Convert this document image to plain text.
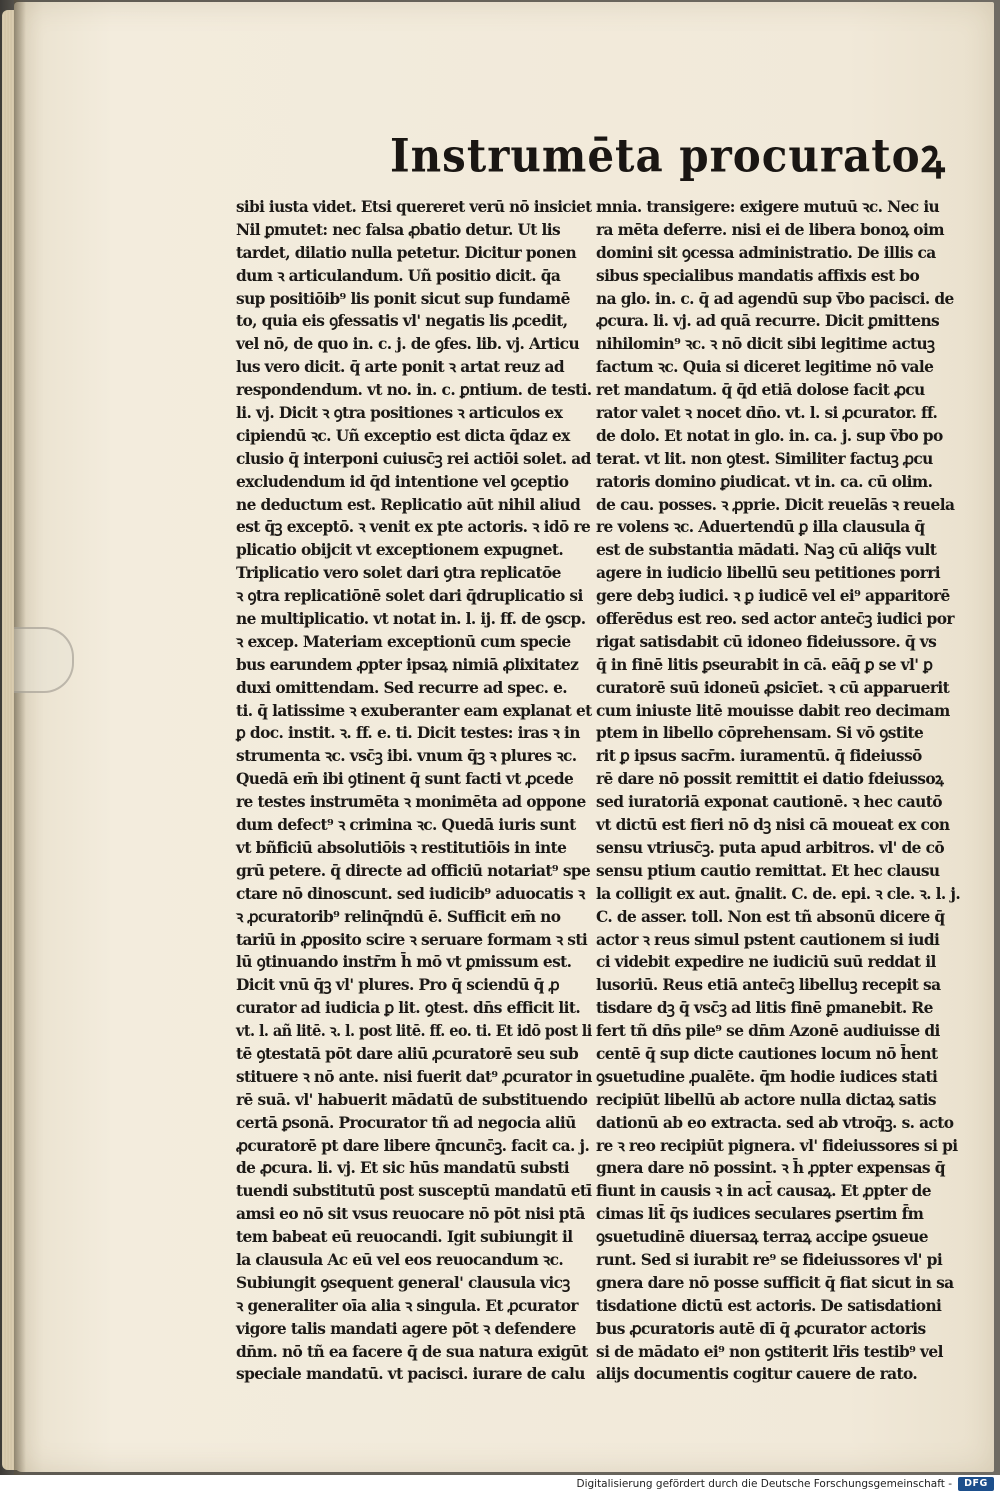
Instrumēta procuratoꝝ
sibi iusta videt. Etsi quereret verū nō insiciet
Nil ꝑmutet: nec falsa ꝓbatio detur. Ut lis
tardet, dilatio nulla petetur. Dicitur ponen
dum ꝛ articulandum. Uñ positio dicit. q̄a
sup positiōib⁹ lis ponit sicut sup fundamē
to, quia eis ꝯfessatis vl' negatis lis ꝓcedit,
vel nō, de quo in. c. j. de ꝯfes. lib. vj. Articu
lus vero dicit. q̄ arte ponit ꝛ artat reuz ad
respondendum. vt no. in. c. ꝑntium. de testi.
li. vj. Dicit ꝛ ꝯtra positiones ꝛ articulos ex
cipiendū ꝛc. Uñ exceptio est dicta q̄daz ex
clusio q̄ interponi cuiusc̄ꝫ rei actiōi solet. ad
excludendum id q̄d intentione vel ꝯceptio
ne deductum est. Replicatio aūt nihil aliud
est q̄ꝫ exceptō. ꝛ venit ex pte actoris. ꝛ idō re
plicatio obijcit vt exceptionem expugnet.
Triplicatio vero solet dari ꝯtra replicatōe
ꝛ ꝯtra replicatiōnē solet dari q̄druplicatio si
ne multiplicatio. vt notat in. l. ij. ff. de ꝯscp.
ꝛ excep. Materiam exceptionū cum specie
bus earundem ꝓpter ipsaꝝ nimiā ꝓlixitatez
duxi omittendam. Sed recurre ad spec. e.
ti. q̄ latissime ꝛ exuberanter eam explanat et
ꝑ doc. instit. ꝛ. ff. e. ti. Dicit testes: iras ꝛ in
strumenta ꝛc. vsc̄ꝫ ibi. vnum q̄ꝫ ꝛ plures ꝛc.
Quedā em̄ ibi ꝯtinent q̄ sunt facti vt ꝓcede
re testes instrumēta ꝛ monimēta ad oppone
dum defect⁹ ꝛ crimina ꝛc. Quedā iuris sunt
vt bñficiū absolutiōis ꝛ restitutiōis in inte
grū petere. q̄ directe ad officiū notariat⁹ spe
ctare nō dinoscunt. sed iudicib⁹ aduocatis ꝛ
ꝛ ꝓcuratorib⁹ relinq̄ndū ē. Sufficit em̄ no
tariū in ꝓposito scire ꝛ seruare formam ꝛ sti
lū ꝯtinuando instr̄m h̄ mō vt ꝑmissum est.
Dicit vnū q̄ꝫ vl' plures. Pro q̄ sciendū q̄ ꝓ
curator ad iudicia ꝑ lit. ꝯtest. dn̄s efficit lit.
vt. l. añ litē. ꝛ. l. post litē. ff. eo. ti. Et idō post li
tē ꝯtestatā pōt dare aliū ꝓcuratorē seu sub
stituere ꝛ nō ante. nisi fuerit dat⁹ ꝓcurator in
rē suā. vl' habuerit mādatū de substituendo
certā ꝑsonā. Procurator tñ ad negocia aliū
ꝓcuratorē pt dare libere q̄ncunc̄ꝫ. facit ca. j.
de ꝓcura. li. vj. Et sic hūs mandatū substi
tuendi substitutū post susceptū mandatū etī
amsi eo nō sit vsus reuocare nō pōt nisi ptā
tem babeat eū reuocandi. Igit subiungit il
la clausula Ac eū vel eos reuocandum ꝛc.
Subiungit ꝯsequent general' clausula vicꝫ
ꝛ generaliter oīa alia ꝛ singula. Et ꝓcurator
vigore talis mandati agere pōt ꝛ defendere
dn̄m. nō tñ ea facere q̄ de sua natura exigūt
speciale mandatū. vt pacisci. iurare de calu
mnia. transigere: exigere mutuū ꝛc. Nec iu
ra mēta deferre. nisi ei de libera bonoꝝ oim
domini sit ꝯcessa administratio. De illis ca
sibus specialibus mandatis affixis est bo
na glo. in. c. q̄ ad agendū sup v̄bo pacisci. de
ꝓcura. li. vj. ad quā recurre. Dicit ꝑmittens
nihilomin⁹ ꝛc. ꝛ nō dicit sibi legitime actuꝫ
factum ꝛc. Quia si diceret legitime nō vale
ret mandatum. q̄ q̄d etiā dolose facit ꝓcu
rator valet ꝛ nocet dn̄o. vt. l. si ꝓcurator. ff.
de dolo. Et notat in glo. in. ca. j. sup v̄bo po
terat. vt lit. non ꝯtest. Similiter factuꝫ ꝓcu
ratoris domino ꝑiudicat. vt in. ca. cū olim.
de cau. posses. ꝛ ꝓprie. Dicit reuelās ꝛ reuela
re volens ꝛc. Aduertendū ꝑ illa clausula q̄
est de substantia mādati. Naꝫ cū aliq̄s vult
agere in iudicio libellū seu petitiones porri
gere debꝫ iudici. ꝛ ꝑ iudicē vel ei⁹ apparitorē
offerēdus est reo. sed actor antec̄ꝫ iudici por
rigat satisdabit cū idoneo fideiussore. q̄ vs
q̄ in finē litis ꝑseurabit in cā. eāq̄ ꝑ se vl' ꝑ
curatorē suū idoneū ꝓsicīet. ꝛ cū apparuerit
cum iniuste litē mouisse dabit reo decimam
ptem in libello cōprehensam. Si vō ꝯstite
rit ꝑ ipsus sacr̄m. iuramentū. q̄ fideiussō
rē dare nō possit remittit ei datio fdeiussoꝝ
sed iuratoriā exponat cautionē. ꝛ hec cautō
vt dictū est fieri nō dꝫ nisi cā moueat ex con
sensu vtriusc̄ꝫ. puta apud arbitros. vl' de cō
sensu ptium cautio remittat. Et hec clausu
la colligit ex aut. ḡnalit. C. de. epi. ꝛ cle. ꝛ. l. j.
C. de asser. toll. Non est tñ absonū dicere q̄
actor ꝛ reus simul pstent cautionem si iudi
ci videbit expedire ne iudiciū suū reddat il
lusoriū. Reus etiā antec̄ꝫ libelluꝫ recepit sa
tisdare dꝫ q̄ vsc̄ꝫ ad litis finē ꝑmanebit. Re
fert tñ dn̄s pile⁹ se dn̄m Azonē audiuisse di
centē q̄ sup dicte cautiones locum nō h̄ent
ꝯsuetudine ꝓualēte. q̄m hodie iudices stati
recipiūt libellū ab actore nulla dictaꝝ satis
dationū ab eo extracta. sed ab vtroq̄ꝫ. s. acto
re ꝛ reo recipiūt pignera. vl' fideiussores si pi
gnera dare nō possint. ꝛ h̄ ꝓpter expensas q̄
fiunt in causis ꝛ in act̄ causaꝝ. Et ꝓpter de
cimas lit̄ q̄s iudices seculares ꝑsertim f̄m
ꝯsuetudinē diuersaꝝ terraꝝ accipe ꝯsueue
runt. Sed si iurabit re⁹ se fideiussores vl' pi
gnera dare nō posse sufficit q̄ fiat sicut in sa
tisdatione dictū est actoris. De satisdationi
bus ꝓcuratoris autē dī q̄ ꝓcurator actoris
si de mādato ei⁹ non ꝯstiterit lr̄is testib⁹ vel
alijs documentis cogitur cauere de rato.
Digitalisierung gefördert durch die Deutsche Forschungsgemeinschaft -	DFG
